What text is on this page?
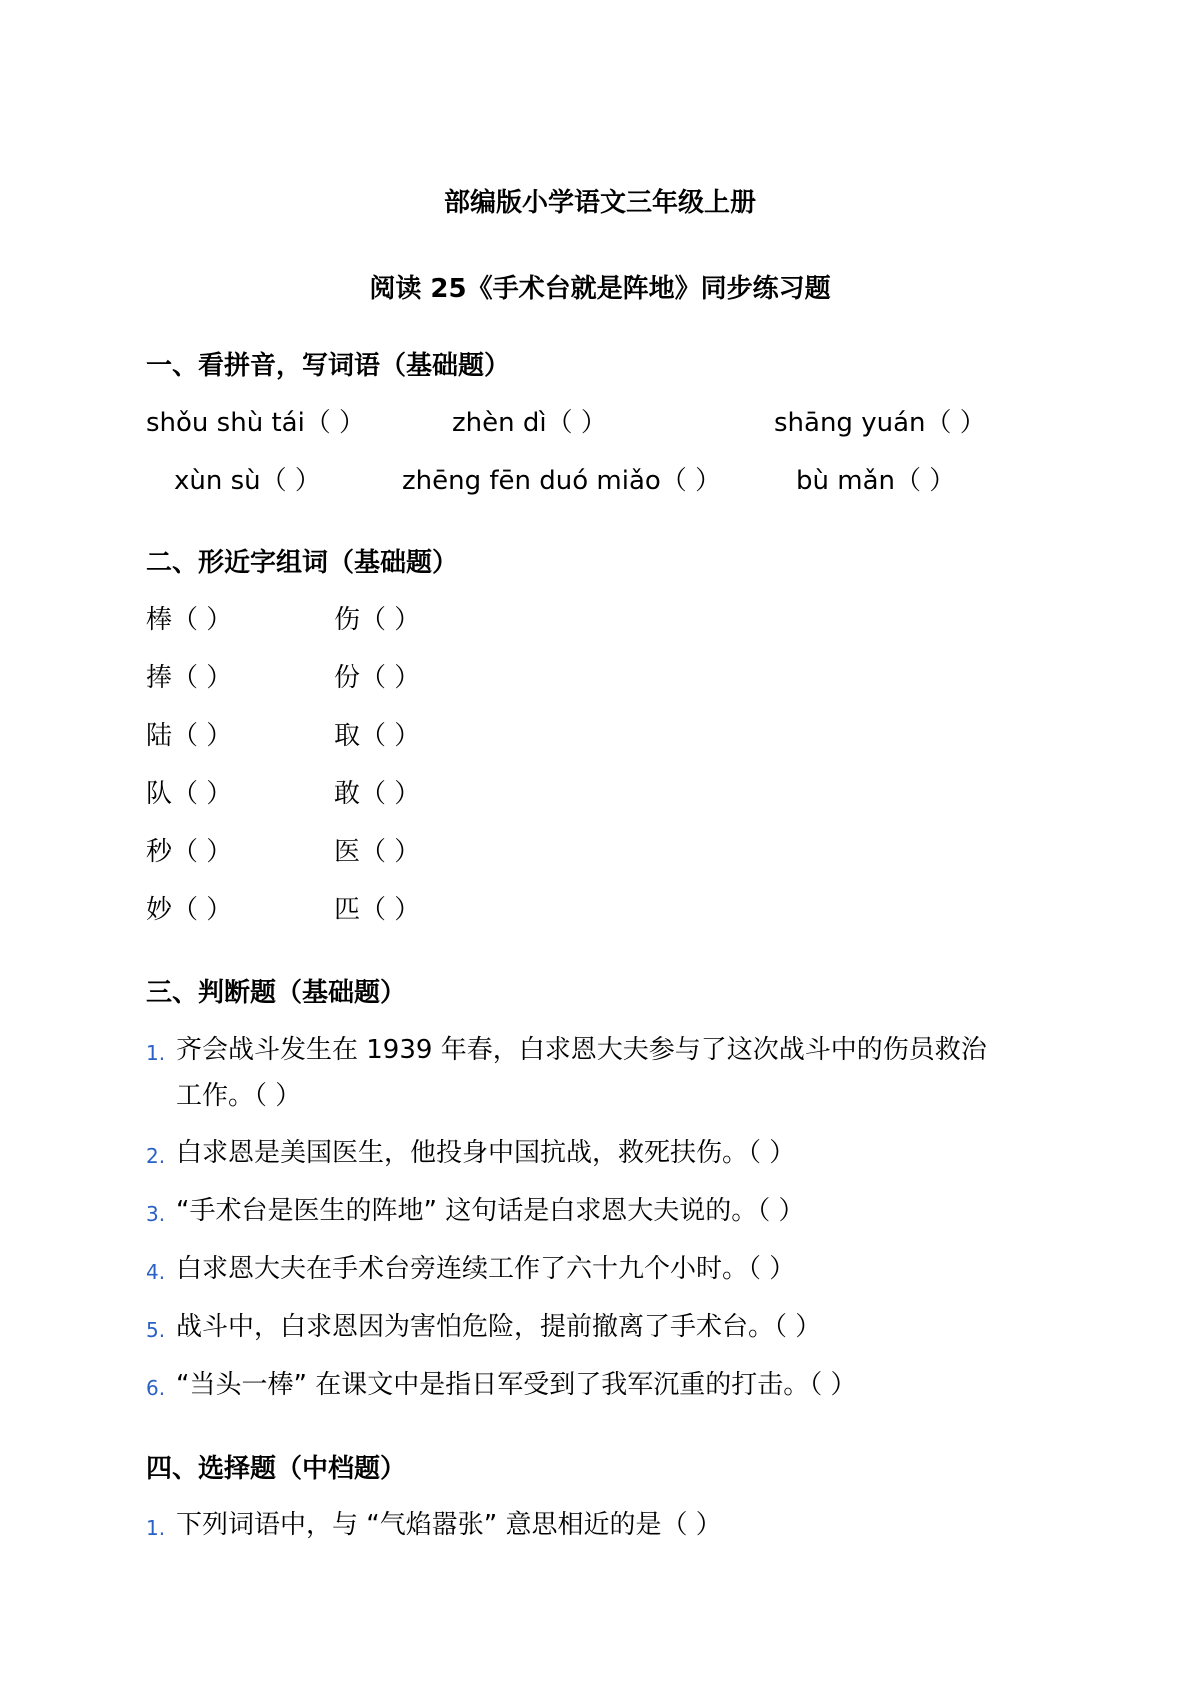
部编版小学语文三年级上册
阅读 25《手术台就是阵地》同步练习题
一、看拼音，写词语（基础题）
shǒu shù tái（ ）	zhèn dì（ ）	shāng yuán（ ）
xùn sù（ ）	zhēng fēn duó miǎo（ ）	bù mǎn（ ）
二、形近字组词（基础题）
棒（ ）	伤（ ）
捧（ ）	份（ ）
陆（ ）	取（ ）
队（ ）	敢（ ）
秒（ ）	医（ ）
妙（ ）	匹（ ）
三、判断题（基础题）
1. 齐会战斗发生在 1939 年春，白求恩大夫参与了这次战斗中的伤员救治
工作。（ ）
2. 白求恩是美国医生，他投身中国抗战，救死扶伤。（ ）
3. “手术台是医生的阵地” 这句话是白求恩大夫说的。（ ）
4. 白求恩大夫在手术台旁连续工作了六十九个小时。（ ）
5. 战斗中，白求恩因为害怕危险，提前撤离了手术台。（ ）
6. “当头一棒” 在课文中是指日军受到了我军沉重的打击。（ ）
四、选择题（中档题）
1. 下列词语中，与 “气焰嚣张” 意思相近的是（ ）
